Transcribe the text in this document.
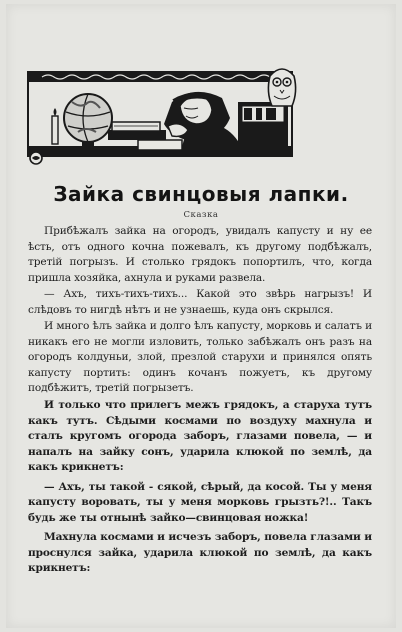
Зайка свинцовыя лапки.
Сказка

Прибѣжалъ зайка на огородъ, увидалъ капусту и ну ее ѣсть, отъ одного кочна пожевалъ, къ другому подбѣжалъ, третій погрызъ. И столько грядокъ попортилъ, что, когда пришла хозяйка, ахнула и руками развела.

— Ахъ, тихъ-тихъ-тихъ... Какой это звѣрь нагрызъ! И слѣдовъ то нигдѣ нѣтъ и не узнаешь, куда онъ скрылся.

И много ѣлъ зайка и долго ѣлъ капусту, морковь и салатъ и никакъ его не могли изловить, только забѣжалъ онъ разъ на огородъ колдуньи, злой, презлой старухи и принялся опять капусту портить: одинъ кочанъ пожуетъ, къ другому подбѣжитъ, третій погрызетъ.

И только что прилегъ межъ грядокъ, а старуха тутъ какъ тутъ. Сѣдыми космами по воздуху махнула и сталъ кругомъ огорода заборъ, глазами повела, — и напалъ на зайку сонъ, ударила клюкой по землѣ, да какъ крикнетъ:

— Ахъ, ты такой - сякой, сѣрый, да косой. Ты у меня капусту воровать, ты у меня морковь грызть?!.. Такъ будь же ты отнынѣ зайко—свинцовая ножка!

Махнула космами и исчезъ заборъ, повела глазами и проснулся зайка, ударила клюкой по землѣ, да какъ крикнетъ:
